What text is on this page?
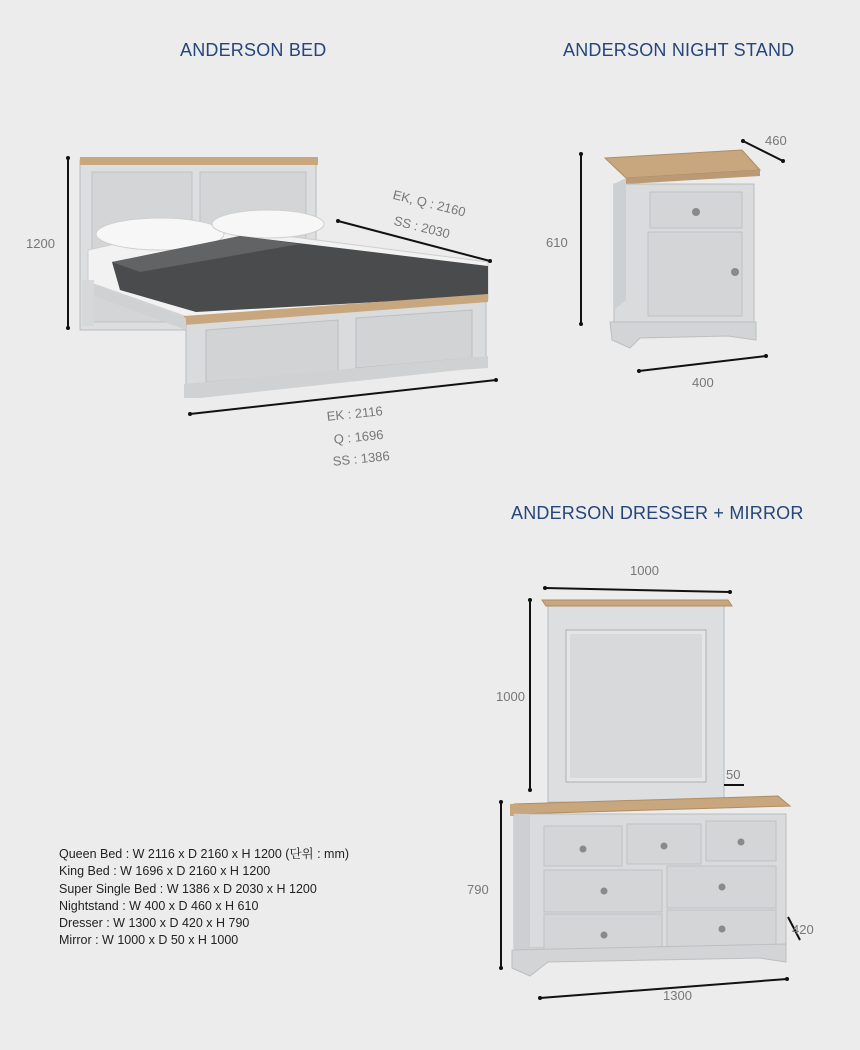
ANDERSON BED	ANDERSON NIGHT STAND
ANDERSON DRESSER + MIRROR
1200
EK, Q : 2160
SS : 2030
EK : 2116
Q : 1696
SS : 1386
460
610
400
1000
1000
50
790
420
1300
Queen Bed : W 2116 x D 2160 x H 1200 (단위 : mm)
King Bed : W 1696 x D 2160 x H 1200
Super Single Bed : W 1386 x D 2030 x H 1200
Nightstand : W 400 x D 460 x H 610
Dresser : W 1300 x D 420 x H 790
Mirror : W 1000 x D 50 x H 1000
